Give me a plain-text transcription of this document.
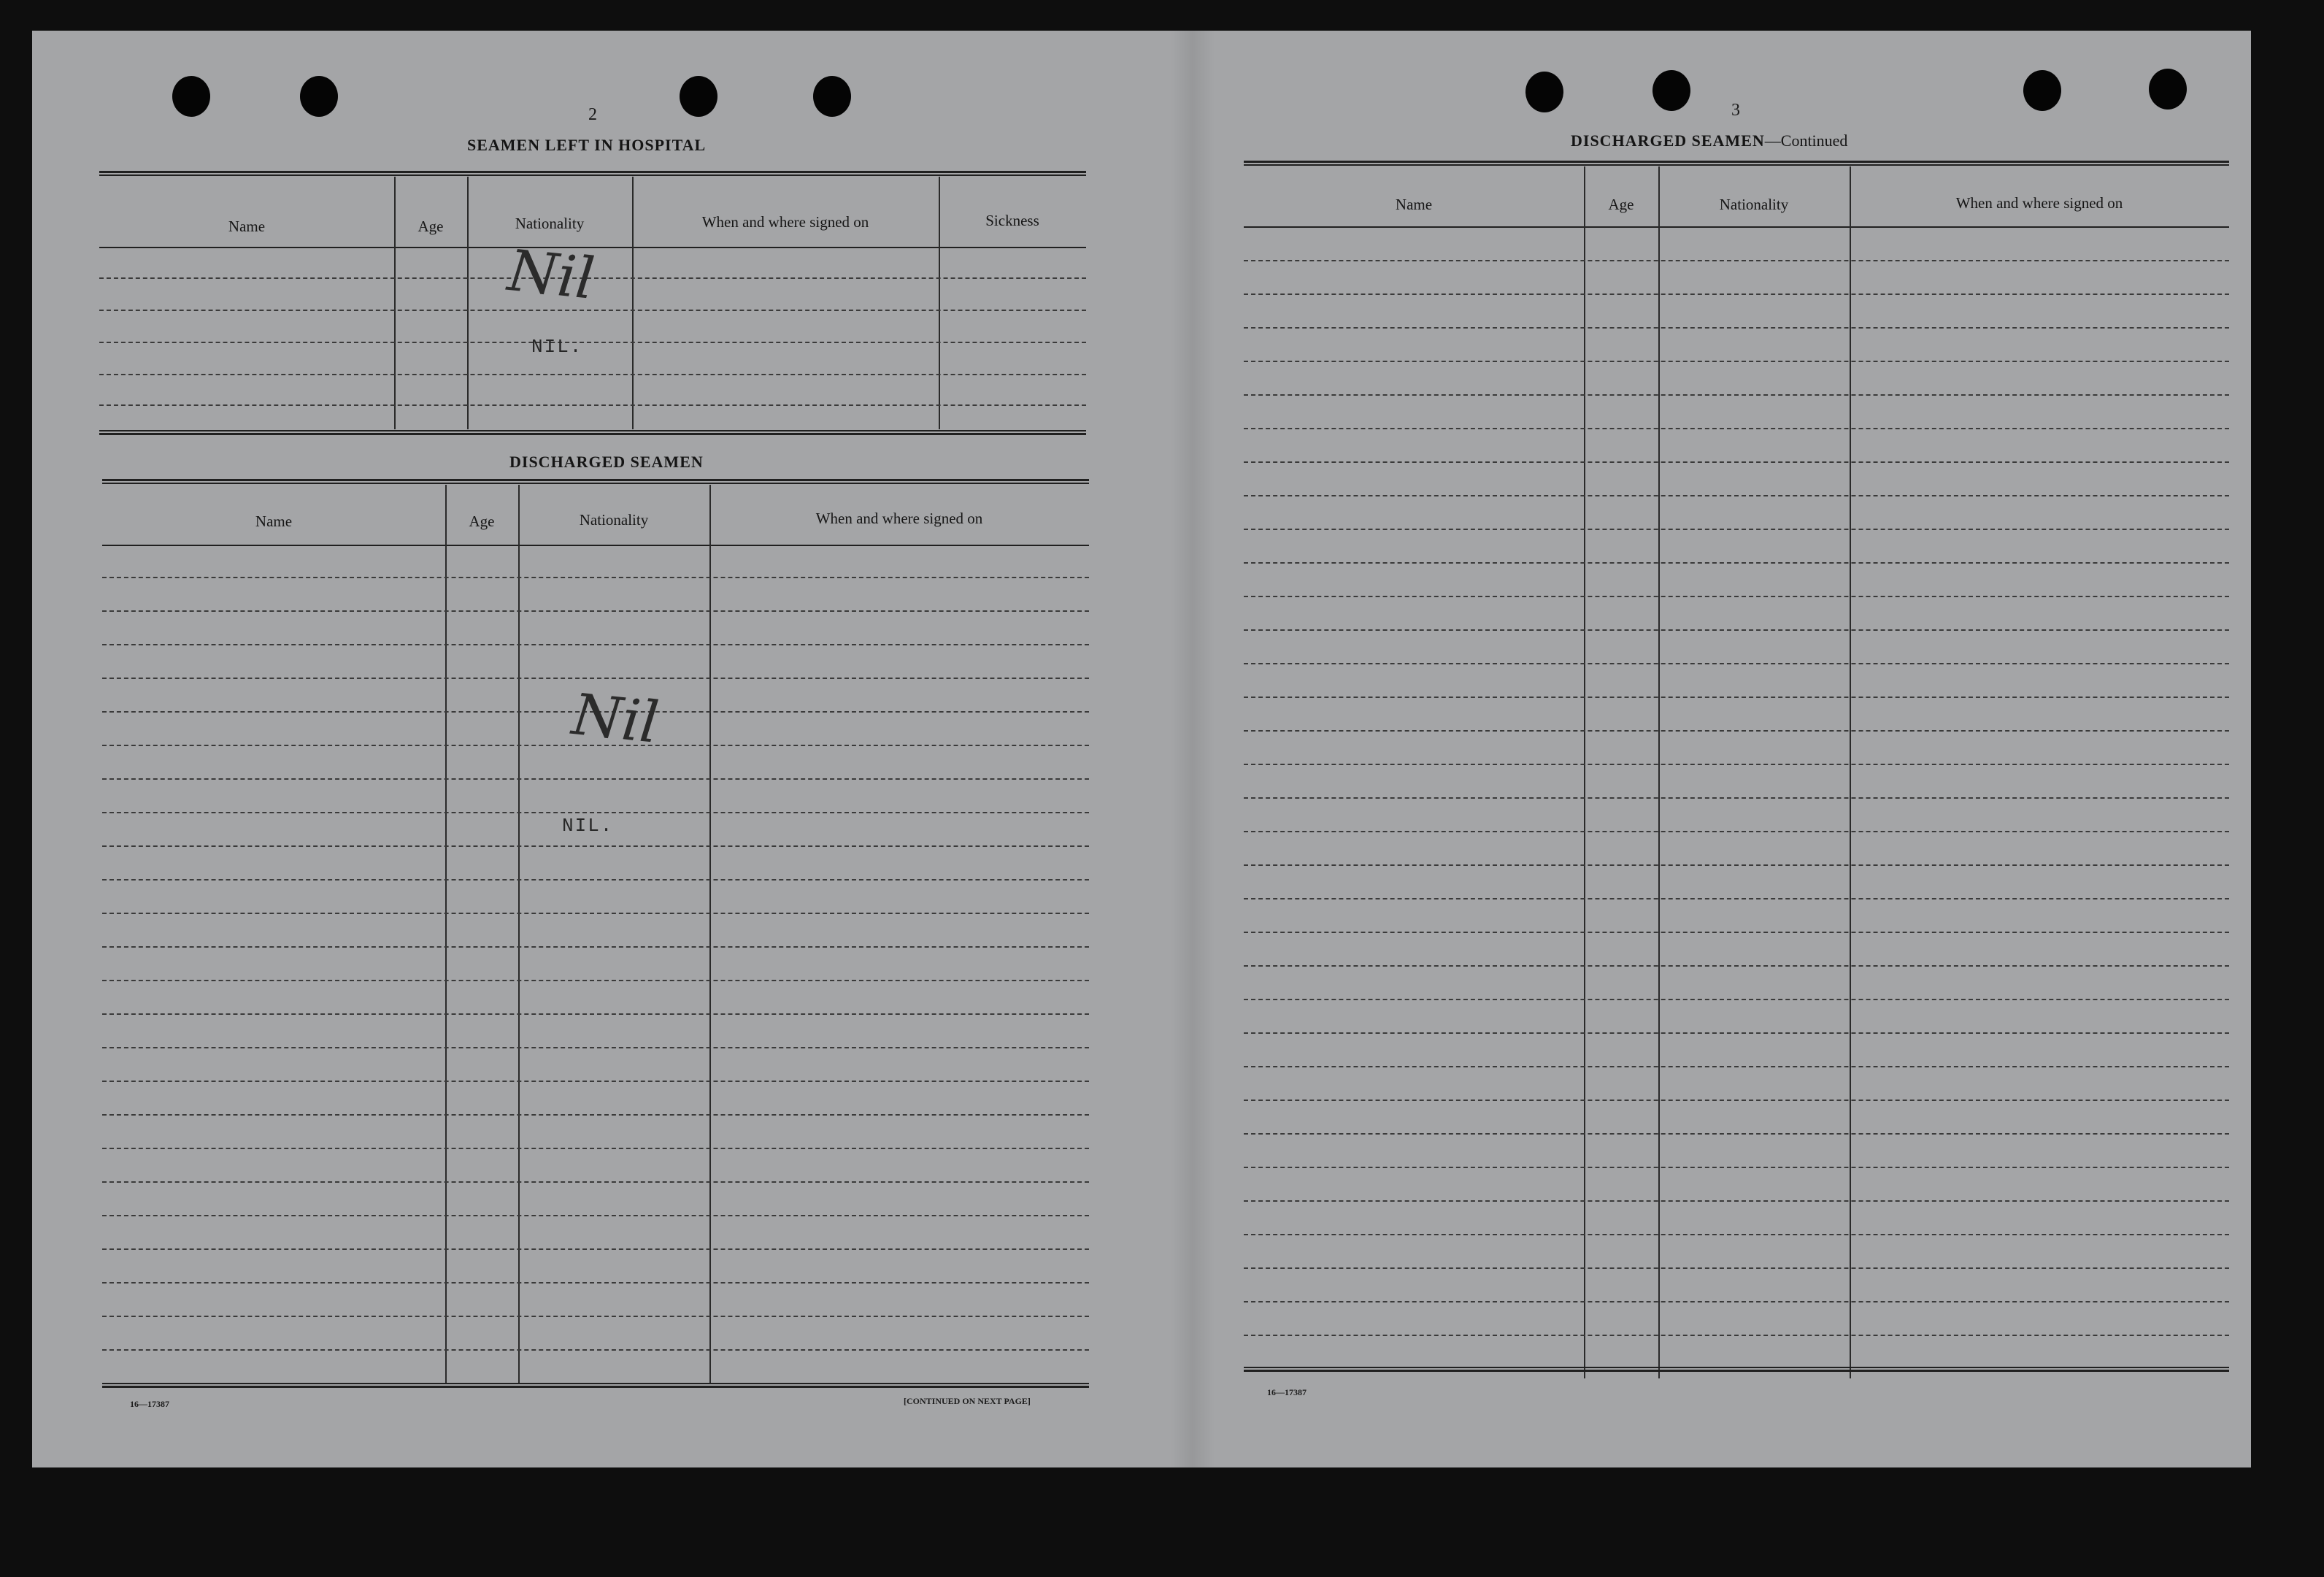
2
SEAMEN LEFT IN HOSPITAL
Name	Age	Nationality	When and where signed on	Sickness
Nil
NIL.
DISCHARGED SEAMEN
Name	Age	Nationality	When and where signed on
Nil
NIL.
16—17387	[CONTINUED ON NEXT PAGE]
3
DISCHARGED SEAMEN—Continued
Name	Age	Nationality	When and where signed on
16—17387
